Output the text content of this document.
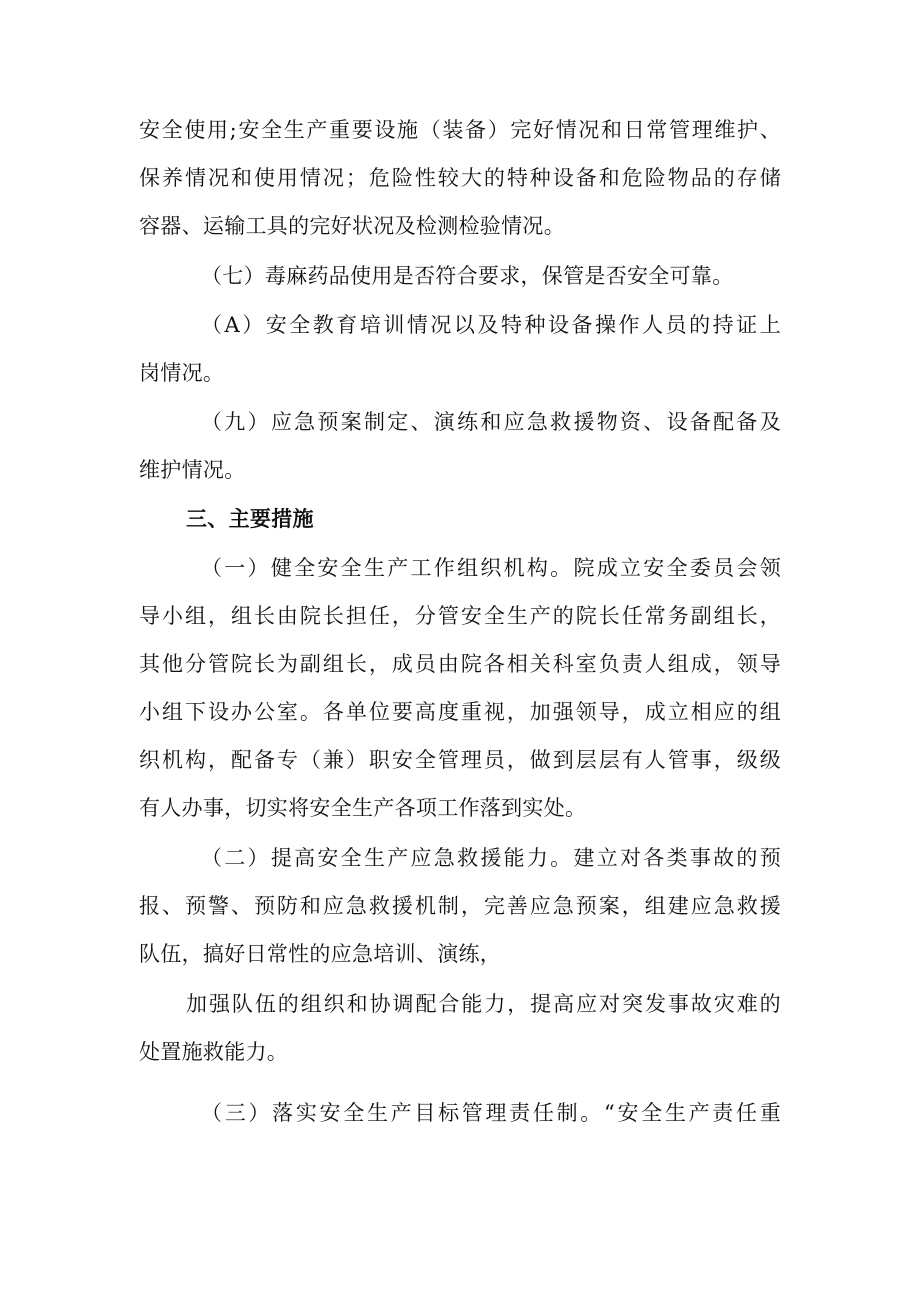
安全使用;安全生产重要设施（装备）完好情况和日常管理维护、
保养情况和使用情况；危险性较大的特种设备和危险物品的存储
容器、运输工具的完好状况及检测检验情况。
（七）毒麻药品使用是否符合要求，保管是否安全可靠。
（A）安全教育培训情况以及特种设备操作人员的持证上
岗情况。
（九）应急预案制定、演练和应急救援物资、设备配备及
维护情况。
三、主要措施
（一）健全安全生产工作组织机构。院成立安全委员会领
导小组，组长由院长担任，分管安全生产的院长任常务副组长，
其他分管院长为副组长，成员由院各相关科室负责人组成，领导
小组下设办公室。各单位要高度重视，加强领导，成立相应的组
织机构，配备专（兼）职安全管理员，做到层层有人管事，级级
有人办事，切实将安全生产各项工作落到实处。
（二）提高安全生产应急救援能力。建立对各类事故的预
报、预警、预防和应急救援机制，完善应急预案，组建应急救援
队伍，搞好日常性的应急培训、演练，
加强队伍的组织和协调配合能力，提高应对突发事故灾难的
处置施救能力。
（三）落实安全生产目标管理责任制。“安全生产责任重
